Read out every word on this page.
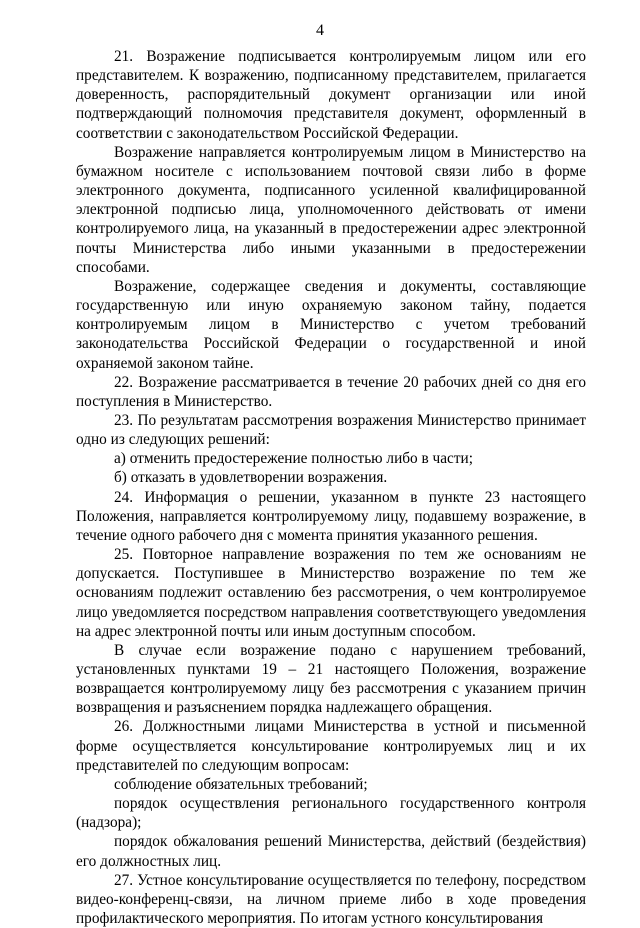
4

21. Возражение подписывается контролируемым лицом или его представителем. К возражению, подписанному представителем, прилагается доверенность, распорядительный документ организации или иной подтверждающий полномочия представителя документ, оформленный в соответствии с законодательством Российской Федерации.

Возражение направляется контролируемым лицом в Министерство на бумажном носителе с использованием почтовой связи либо в форме электронного документа, подписанного усиленной квалифицированной электронной подписью лица, уполномоченного действовать от имени контролируемого лица, на указанный в предостережении адрес электронной почты Министерства либо иными указанными в предостережении способами.

Возражение, содержащее сведения и документы, составляющие государственную или иную охраняемую законом тайну, подается контролируемым лицом в Министерство с учетом требований законодательства Российской Федерации о государственной и иной охраняемой законом тайне.

22. Возражение рассматривается в течение 20 рабочих дней со дня его поступления в Министерство.

23. По результатам рассмотрения возражения Министерство принимает одно из следующих решений:

а) отменить предостережение полностью либо в части;

б) отказать в удовлетворении возражения.

24. Информация о решении, указанном в пункте 23 настоящего Положения, направляется контролируемому лицу, подавшему возражение, в течение одного рабочего дня с момента принятия указанного решения.

25. Повторное направление возражения по тем же основаниям не допускается. Поступившее в Министерство возражение по тем же основаниям подлежит оставлению без рассмотрения, о чем контролируемое лицо уведомляется посредством направления соответствующего уведомления на адрес электронной почты или иным доступным способом.

В случае если возражение подано с нарушением требований, установленных пунктами 19 – 21 настоящего Положения, возражение возвращается контролируемому лицу без рассмотрения с указанием причин возвращения и разъяснением порядка надлежащего обращения.

26. Должностными лицами Министерства в устной и письменной форме осуществляется консультирование контролируемых лиц и их представителей по следующим вопросам:

соблюдение обязательных требований;

порядок осуществления регионального государственного контроля (надзора);

порядок обжалования решений Министерства, действий (бездействия) его должностных лиц.

27. Устное консультирование осуществляется по телефону, посредством видео-конференц-связи, на личном приеме либо в ходе проведения профилактического мероприятия. По итогам устного консультирования
